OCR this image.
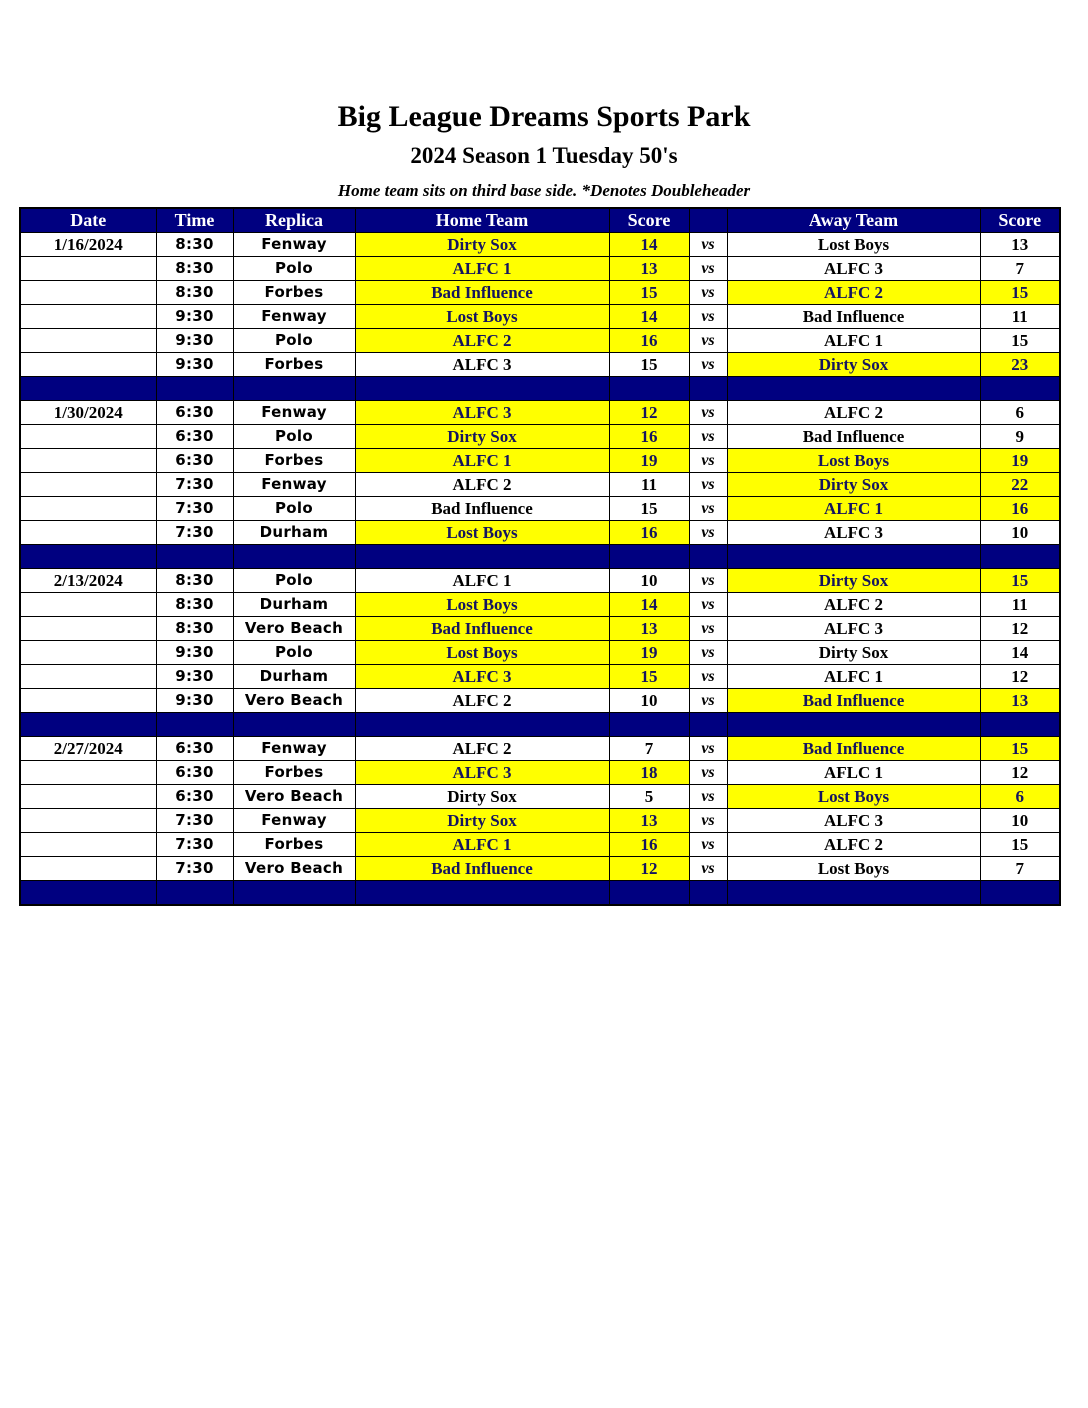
Big League Dreams Sports Park
2024 Season 1 Tuesday 50's
Home team sits on third base side. *Denotes Doubleheader
Date	Time	Replica	Home Team	Score		Away Team	Score
1/16/2024	8:30	Fenway	Dirty Sox	14	vs	Lost Boys	13
	8:30	Polo	ALFC 1	13	vs	ALFC 3	7
	8:30	Forbes	Bad Influence	15	vs	ALFC 2	15
	9:30	Fenway	Lost Boys	14	vs	Bad Influence	11
	9:30	Polo	ALFC 2	16	vs	ALFC 1	15
	9:30	Forbes	ALFC 3	15	vs	Dirty Sox	23

1/30/2024	6:30	Fenway	ALFC 3	12	vs	ALFC 2	6
	6:30	Polo	Dirty Sox	16	vs	Bad Influence	9
	6:30	Forbes	ALFC 1	19	vs	Lost Boys	19
	7:30	Fenway	ALFC 2	11	vs	Dirty Sox	22
	7:30	Polo	Bad Influence	15	vs	ALFC 1	16
	7:30	Durham	Lost Boys	16	vs	ALFC 3	10

2/13/2024	8:30	Polo	ALFC 1	10	vs	Dirty Sox	15
	8:30	Durham	Lost Boys	14	vs	ALFC 2	11
	8:30	Vero Beach	Bad Influence	13	vs	ALFC 3	12
	9:30	Polo	Lost Boys	19	vs	Dirty Sox	14
	9:30	Durham	ALFC 3	15	vs	ALFC 1	12
	9:30	Vero Beach	ALFC 2	10	vs	Bad Influence	13

2/27/2024	6:30	Fenway	ALFC 2	7	vs	Bad Influence	15
	6:30	Forbes	ALFC 3	18	vs	AFLC 1	12
	6:30	Vero Beach	Dirty Sox	5	vs	Lost Boys	6
	7:30	Fenway	Dirty Sox	13	vs	ALFC 3	10
	7:30	Forbes	ALFC 1	16	vs	ALFC 2	15
	7:30	Vero Beach	Bad Influence	12	vs	Lost Boys	7
